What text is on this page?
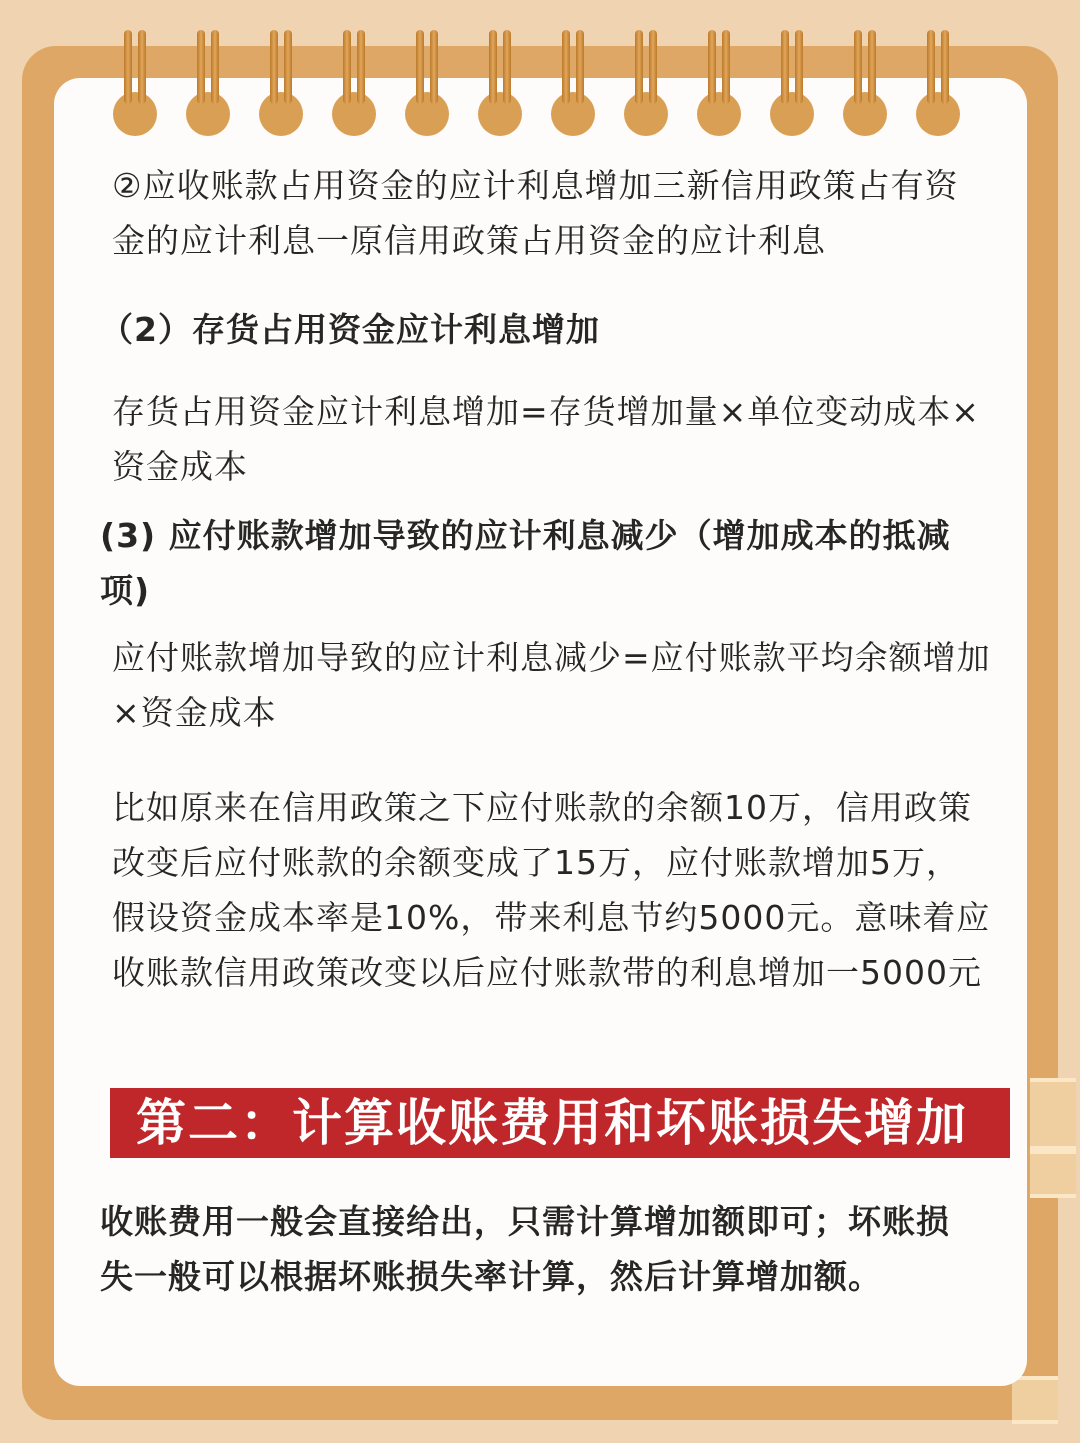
②应收账款占用资金的应计利息增加三新信用政策占有资金的应计利息一原信用政策占用资金的应计利息

（2）存货占用资金应计利息增加

存货占用资金应计利息增加=存货增加量×单位变动成本×资金成本

(3) 应付账款增加导致的应计利息减少（增加成本的抵减项)

应付账款增加导致的应计利息减少=应付账款平均余额增加×资金成本

比如原来在信用政策之下应付账款的余额10万，信用政策改变后应付账款的余额变成了15万，应付账款增加5万，假设资金成本率是10%，带来利息节约5000元。意味着应收账款信用政策改变以后应付账款带的利息增加一5000元

第二：计算收账费用和坏账损失增加

收账费用一般会直接给出，只需计算增加额即可；坏账损失一般可以根据坏账损失率计算，然后计算增加额。
